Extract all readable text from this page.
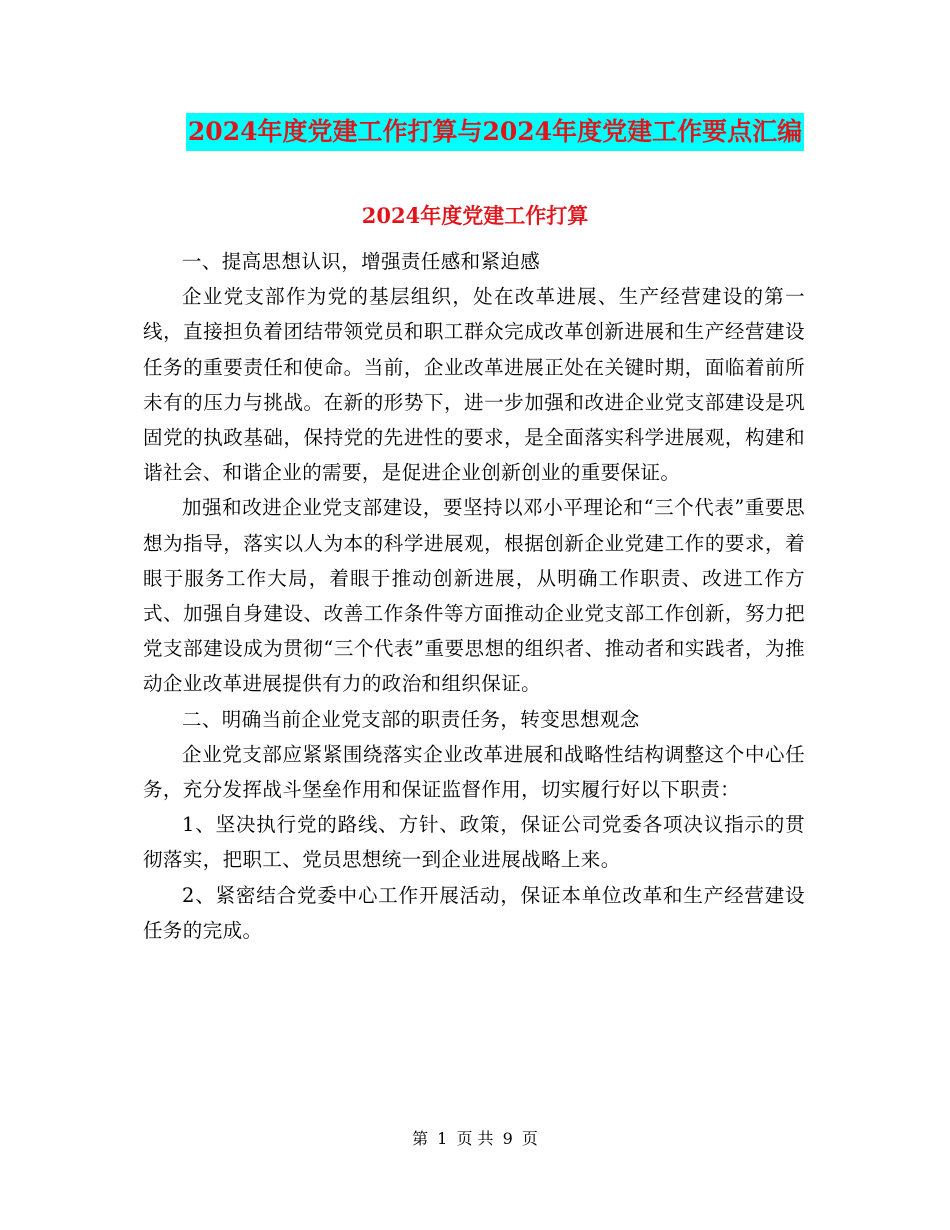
2024年度党建工作打算与2024年度党建工作要点汇编
2024年度党建工作打算

一、提高思想认识，增强责任感和紧迫感

企业党支部作为党的基层组织，处在改革进展、生产经营建设的第一线，直接担负着团结带领党员和职工群众完成改革创新进展和生产经营建设任务的重要责任和使命。当前，企业改革进展正处在关键时期，面临着前所未有的压力与挑战。在新的形势下，进一步加强和改进企业党支部建设是巩固党的执政基础，保持党的先进性的要求，是全面落实科学进展观，构建和谐社会、和谐企业的需要，是促进企业创新创业的重要保证。

加强和改进企业党支部建设，要坚持以邓小平理论和“三个代表”重要思想为指导，落实以人为本的科学进展观，根据创新企业党建工作的要求，着眼于服务工作大局，着眼于推动创新进展，从明确工作职责、改进工作方式、加强自身建设、改善工作条件等方面推动企业党支部工作创新，努力把党支部建设成为贯彻“三个代表”重要思想的组织者、推动者和实践者，为推动企业改革进展提供有力的政治和组织保证。

二、明确当前企业党支部的职责任务，转变思想观念

企业党支部应紧紧围绕落实企业改革进展和战略性结构调整这个中心任务，充分发挥战斗堡垒作用和保证监督作用，切实履行好以下职责：

1、坚决执行党的路线、方针、政策，保证公司党委各项决议指示的贯彻落实，把职工、党员思想统一到企业进展战略上来。

2、紧密结合党委中心工作开展活动，保证本单位改革和生产经营建设任务的完成。

第 1 页 共 9 页
